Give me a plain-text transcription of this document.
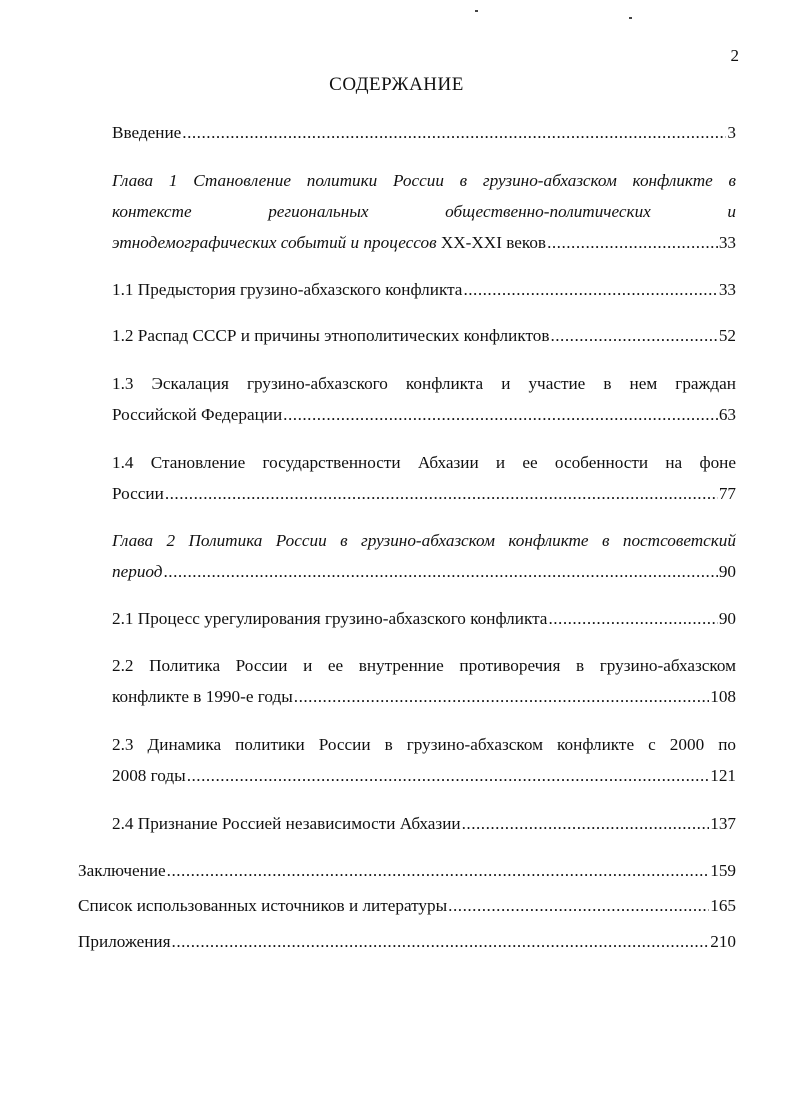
2
СОДЕРЖАНИЕ
Введение .....	3
Глава 1 Становление политики России в грузино-абхазском конфликте в
контексте региональных общественно-политических и
этнодемографических событий и процессов
XX-XXI веков .....	33
1.1 Предыстория грузино-абхазского конфликта .....	33
1.2 Распад СССР и причины этнополитических конфликтов .....	52
1.3 Эскалация грузино-абхазского конфликта и участие в нем граждан
Российской Федерации .....	63
1.4 Становление государственности Абхазии и ее особенности на фоне
России .....	77
Глава 2 Политика России в грузино-абхазском конфликте в постсоветский
период .....	90
2.1 Процесс урегулирования грузино-абхазского конфликта .....	90
2.2 Политика России и ее внутренние противоречия в грузино-абхазском
конфликте в 1990-е годы .....	108
2.3 Динамика политики России в грузино-абхазском конфликте с 2000 по
2008 годы .....	121
2.4 Признание Россией независимости Абхазии .....	137
Заключение .....	159
Список использованных источников и литературы .....	165
Приложения .....	210
